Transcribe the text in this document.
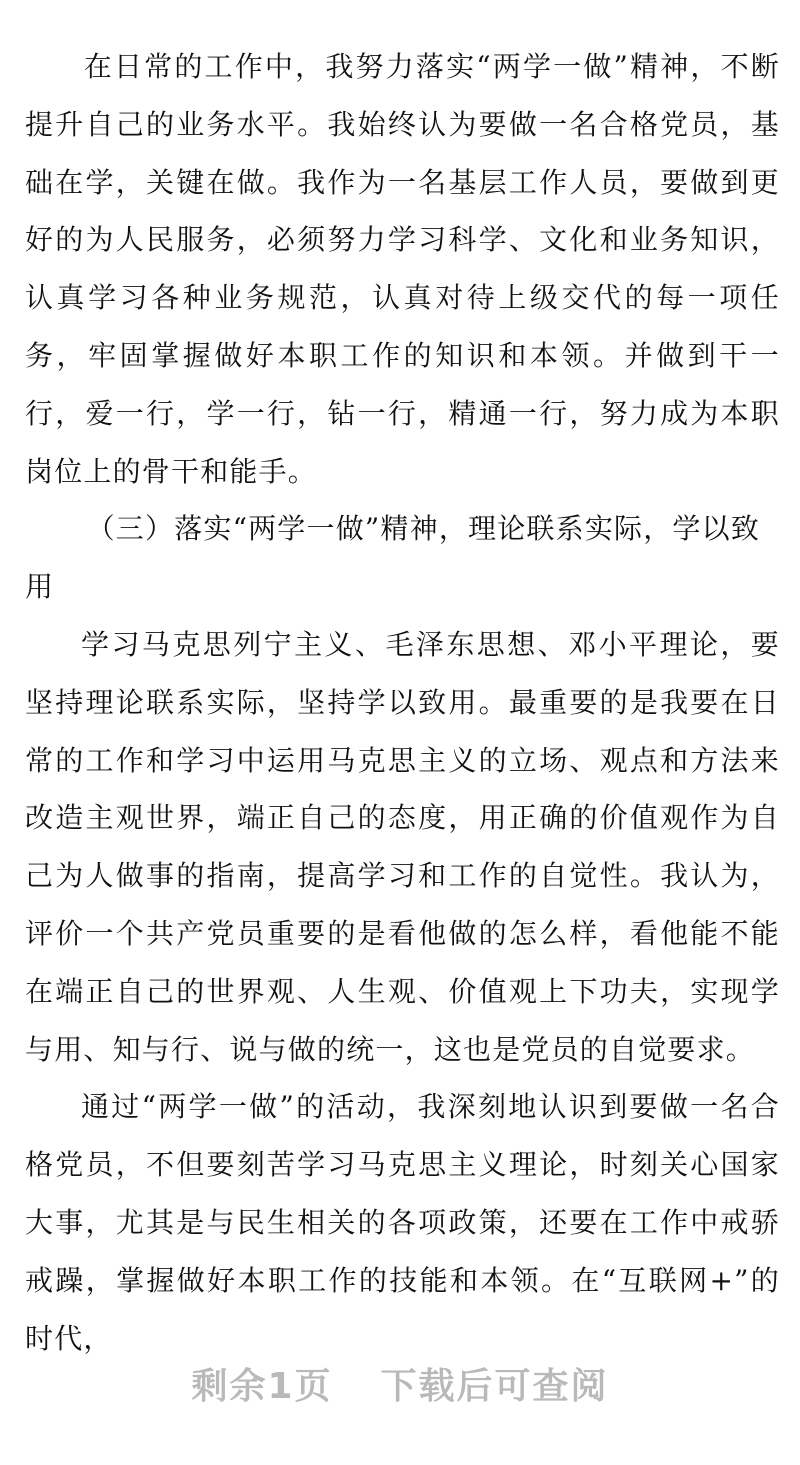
在日常的工作中，我努力落实“两学一做”精神，不断提升自己的业务水平。我始终认为要做一名合格党员，基础在学，关键在做。我作为一名基层工作人员，要做到更好的为人民服务，必须努力学习科学、文化和业务知识，认真学习各种业务规范，认真对待上级交代的每一项任务，牢固掌握做好本职工作的知识和本领。并做到干一行，爱一行，学一行，钻一行，精通一行，努力成为本职岗位上的骨干和能手。

（三）落实“两学一做”精神，理论联系实际，学以致用

学习马克思列宁主义、毛泽东思想、邓小平理论，要坚持理论联系实际，坚持学以致用。最重要的是我要在日常的工作和学习中运用马克思主义的立场、观点和方法来改造主观世界，端正自己的态度，用正确的价值观作为自己为人做事的指南，提高学习和工作的自觉性。我认为，评价一个共产党员重要的是看他做的怎么样，看他能不能在端正自己的世界观、人生观、价值观上下功夫，实现学与用、知与行、说与做的统一，这也是党员的自觉要求。

通过“两学一做”的活动，我深刻地认识到要做一名合格党员，不但要刻苦学习马克思主义理论，时刻关心国家大事，尤其是与民生相关的各项政策，还要在工作中戒骄戒躁，掌握做好本职工作的技能和本领。在“互联网+”的时代，

剩余1页 下载后可查阅
